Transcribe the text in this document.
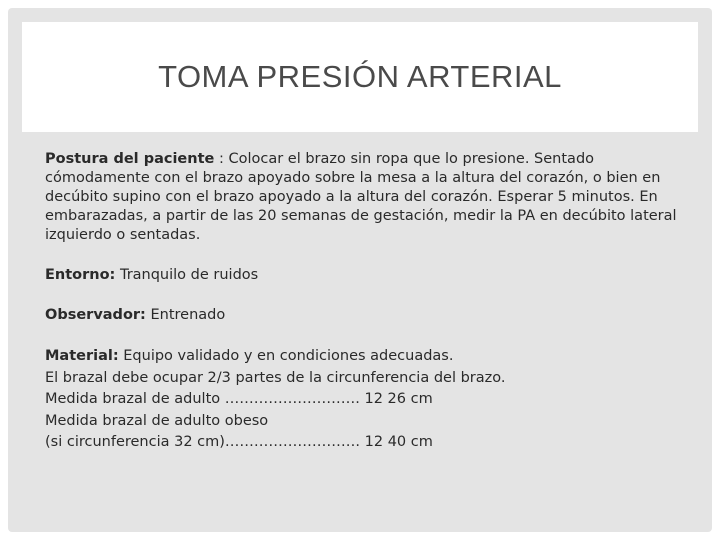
TOMA PRESIÓN ARTERIAL

Postura del paciente : Colocar el brazo sin ropa que lo presione. Sentado cómodamente con el brazo apoyado sobre la mesa a la altura del corazón, o bien en decúbito supino con el brazo apoyado a la altura del corazón. Esperar 5 minutos. En embarazadas, a partir de las 20 semanas de gestación, medir la PA en decúbito lateral izquierdo o sentadas.

Entorno: Tranquilo de ruidos

Observador: Entrenado

Material: Equipo validado y en condiciones adecuadas.
El brazal debe ocupar 2/3 partes de la circunferencia del brazo.
Medida brazal de adulto ………………………. 12 26 cm
Medida brazal de adulto obeso
(si circunferencia 32 cm)………………………. 12 40 cm
